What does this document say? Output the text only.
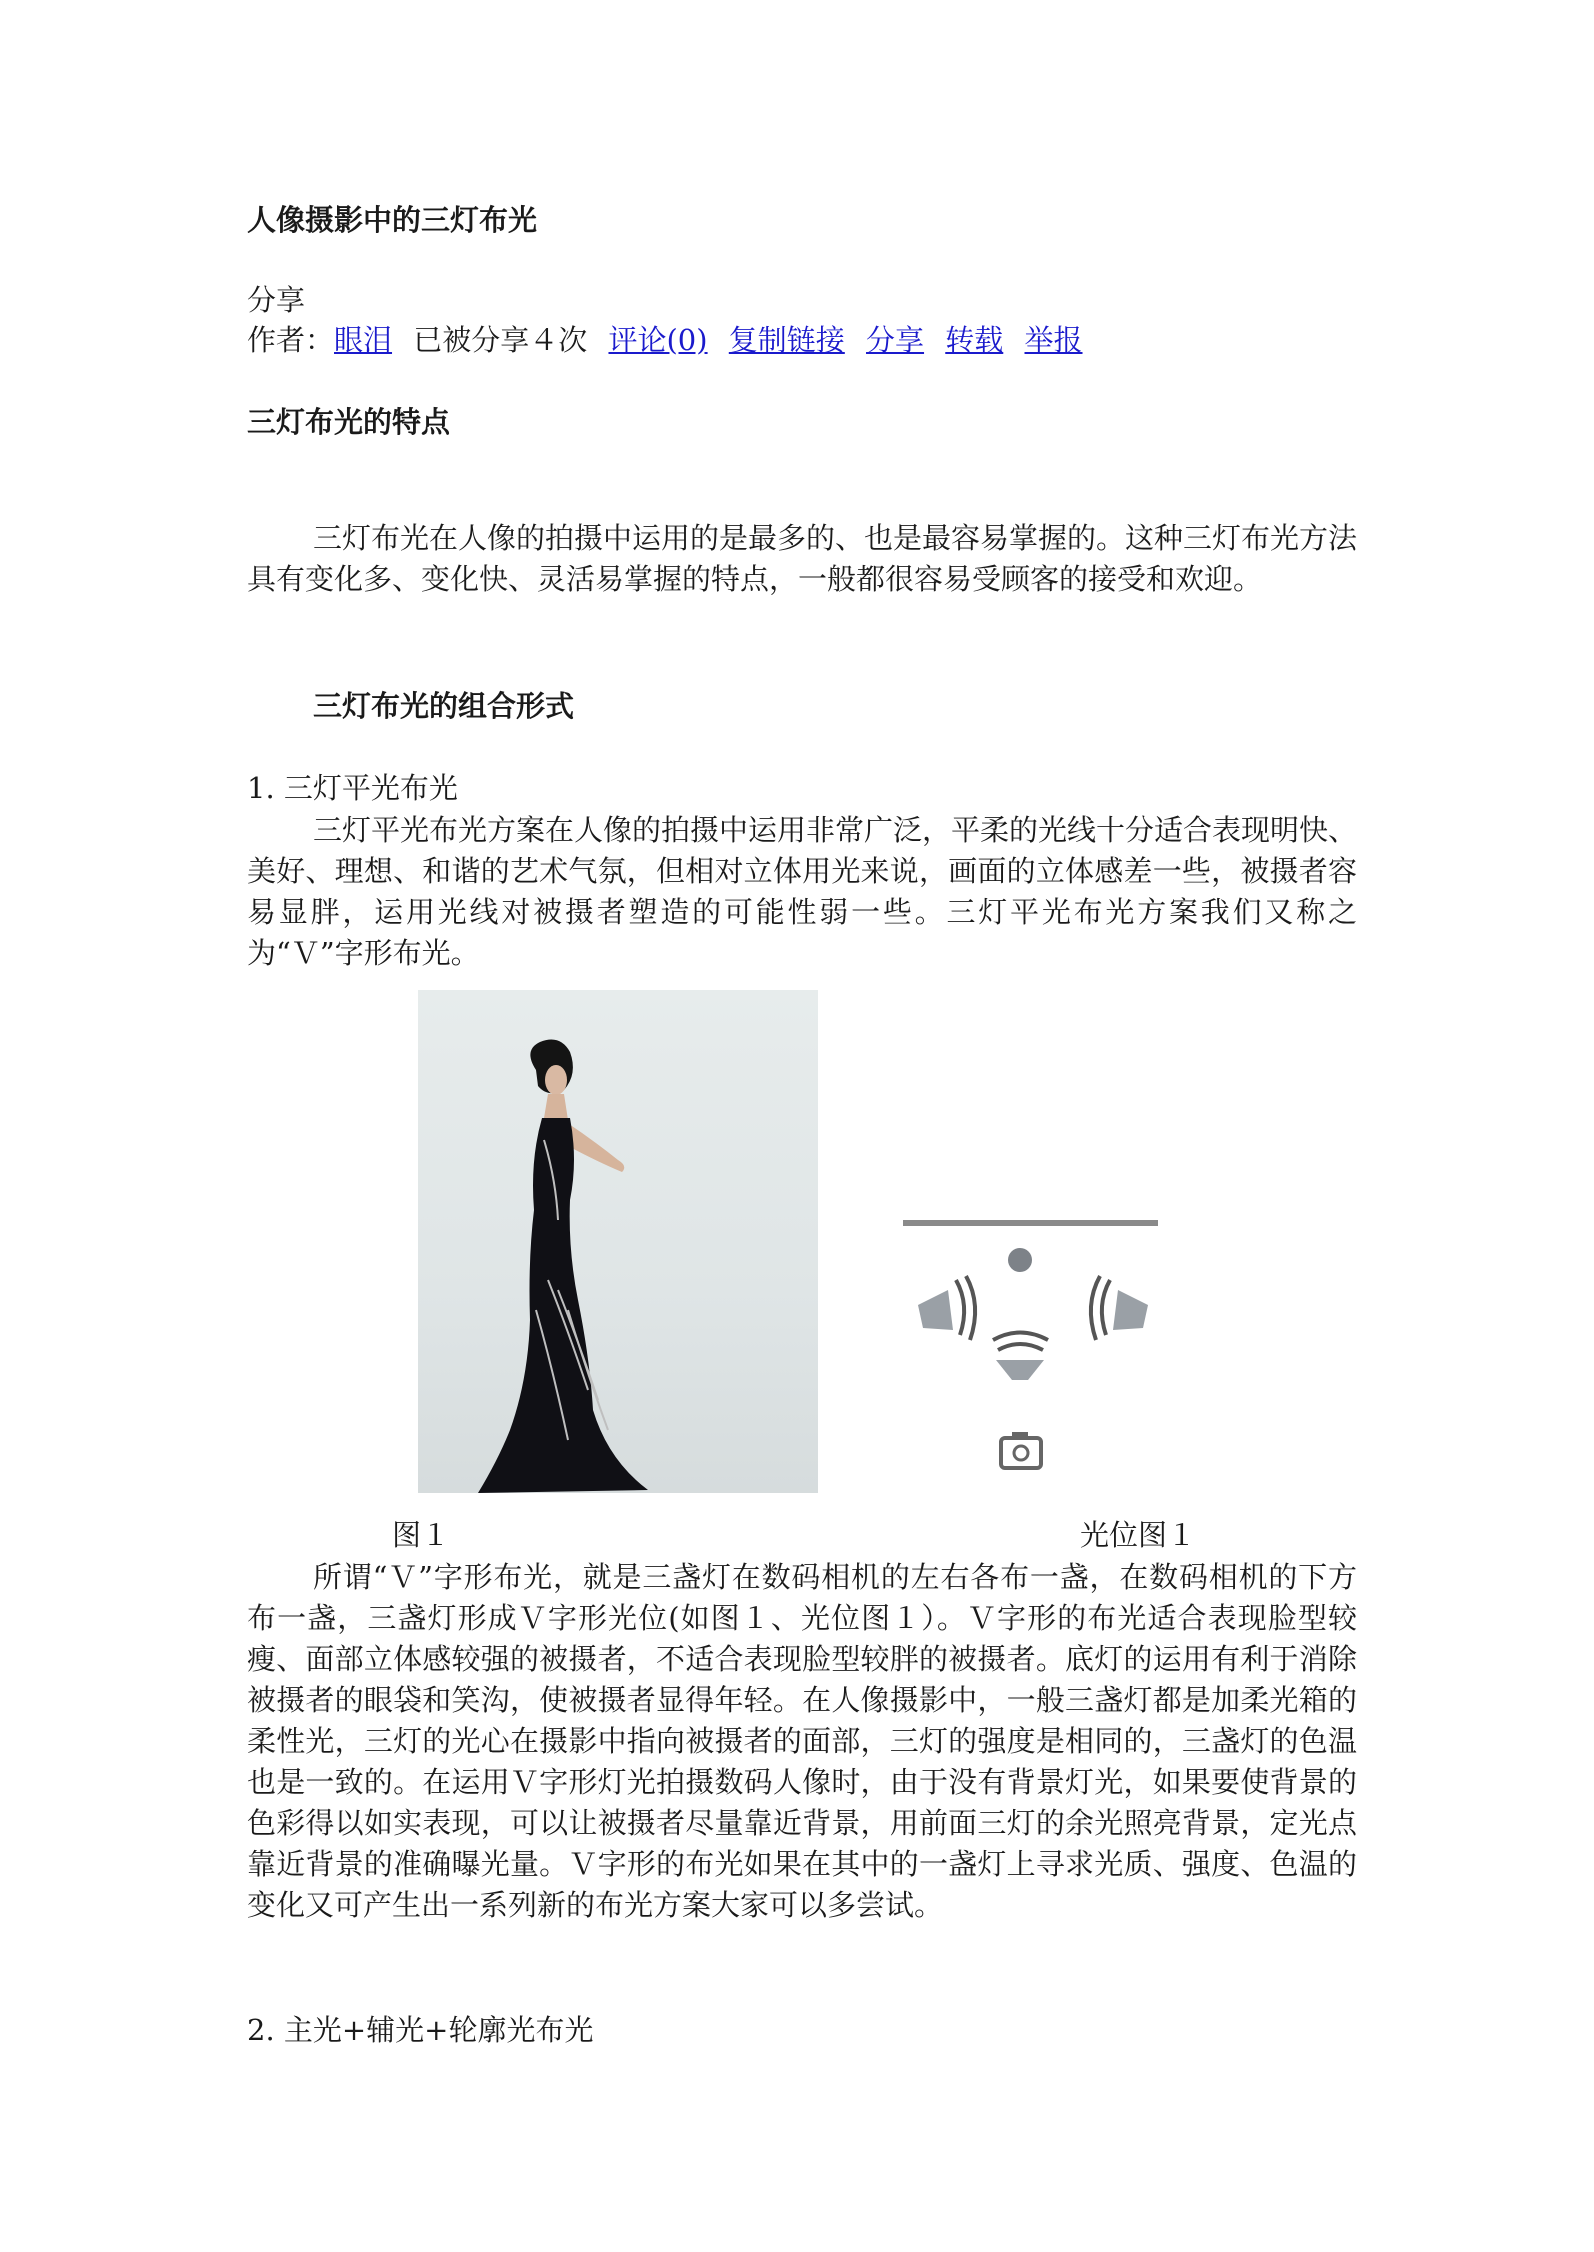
人像摄影中的三灯布光
分享
作者：眼泪 已被分享４次 评论(0) 复制链接 分享 转载 举报
三灯布光的特点
三灯布光在人像的拍摄中运用的是最多的、也是最容易掌握的。这种三灯布光方法具有变化多、变化快、灵活易掌握的特点，一般都很容易受顾客的接受和欢迎。
三灯布光的组合形式
1. 三灯平光布光
三灯平光布光方案在人像的拍摄中运用非常广泛，平柔的光线十分适合表现明快、美好、理想、和谐的艺术气氛，但相对立体用光来说，画面的立体感差一些，被摄者容易显胖，运用光线对被摄者塑造的可能性弱一些。三灯平光布光方案我们又称之为“Ｖ”字形布光。
图１	光位图１
所谓“Ｖ”字形布光，就是三盏灯在数码相机的左右各布一盏，在数码相机的下方布一盏，三盏灯形成Ｖ字形光位(如图１、光位图１）。Ｖ字形的布光适合表现脸型较瘦、面部立体感较强的被摄者，不适合表现脸型较胖的被摄者。底灯的运用有利于消除被摄者的眼袋和笑沟，使被摄者显得年轻。在人像摄影中，一般三盏灯都是加柔光箱的柔性光，三灯的光心在摄影中指向被摄者的面部，三灯的强度是相同的，三盏灯的色温也是一致的。在运用Ｖ字形灯光拍摄数码人像时，由于没有背景灯光，如果要使背景的色彩得以如实表现，可以让被摄者尽量靠近背景，用前面三灯的余光照亮背景，定光点靠近背景的准确曝光量。Ｖ字形的布光如果在其中的一盏灯上寻求光质、强度、色温的变化又可产生出一系列新的布光方案大家可以多尝试。
2. 主光+辅光+轮廓光布光
